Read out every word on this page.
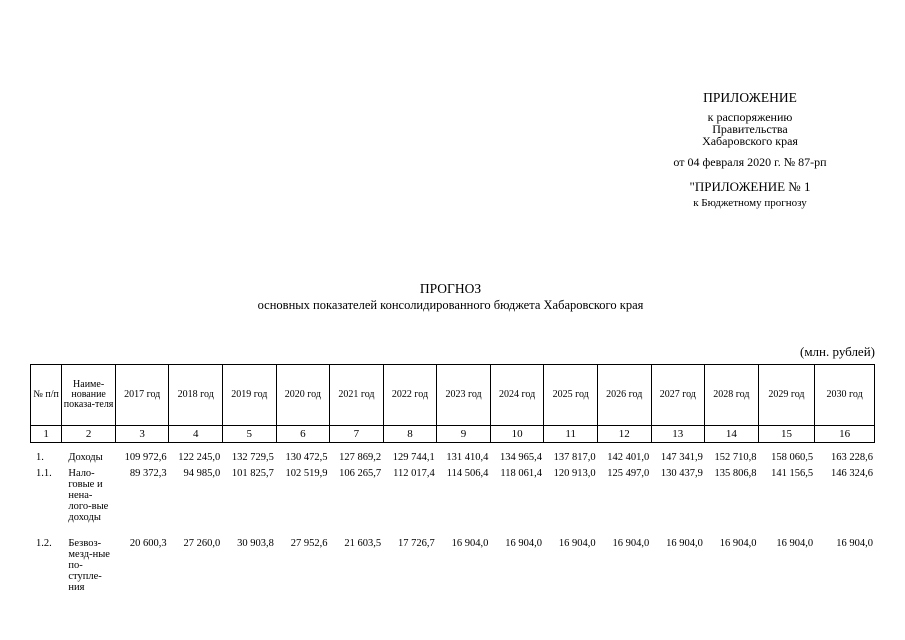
ПРИЛОЖЕНИЕ
к распоряжению
Правительства
Хабаровского края
от 04 февраля 2020 г. № 87-рп
"ПРИЛОЖЕНИЕ № 1
к Бюджетному прогнозу
ПРОГНОЗ
основных показателей консолидированного бюджета Хабаровского края
(млн. рублей)
№ п/п	Наиме-нование показа-теля	2017 год	2018 год	2019 год	2020 год	2021 год	2022 год	2023 год	2024 год	2025 год	2026 год	2027 год	2028 год	2029 год	2030 год
1	2	3	4	5	6	7	8	9	10	11	12	13	14	15	16
1.	Доходы	109 972,6	122 245,0	132 729,5	130 472,5	127 869,2	129 744,1	131 410,4	134 965,4	137 817,0	142 401,0	147 341,9	152 710,8	158 060,5	163 228,6
1.1.	Нало-говые и нена-лого-вые доходы	89 372,3	94 985,0	101 825,7	102 519,9	106 265,7	112 017,4	114 506,4	118 061,4	120 913,0	125 497,0	130 437,9	135 806,8	141 156,5	146 324,6
1.2.	Безвоз-мезд-ные по-ступле-ния	20 600,3	27 260,0	30 903,8	27 952,6	21 603,5	17 726,7	16 904,0	16 904,0	16 904,0	16 904,0	16 904,0	16 904,0	16 904,0	16 904,0
